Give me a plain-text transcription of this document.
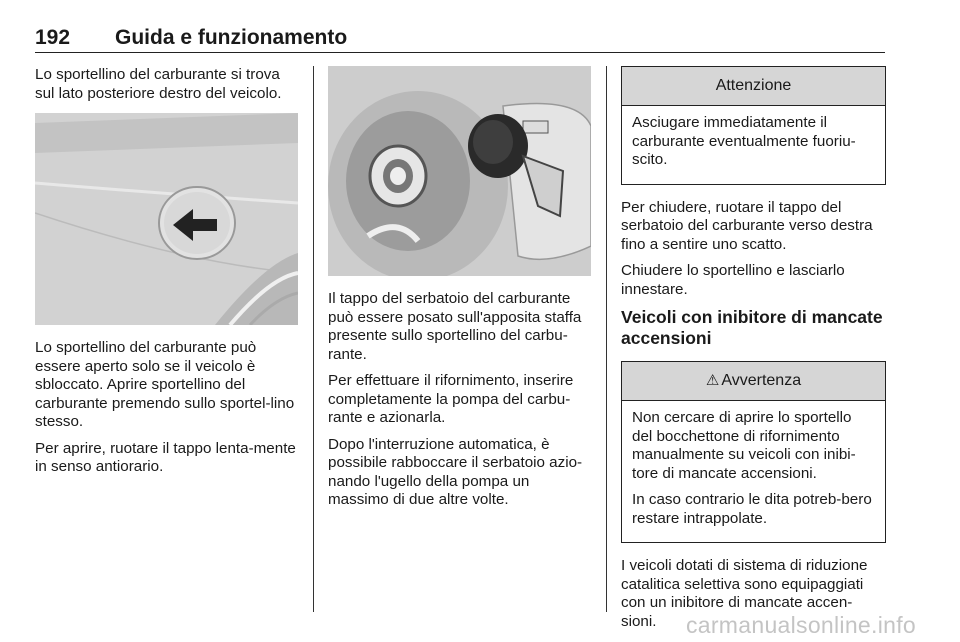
192 Guida e funzionamento

Lo sportellino del carburante si trova sul lato posteriore destro del veicolo.

Lo sportellino del carburante può essere aperto solo se il veicolo è sbloccato. Aprire sportellino del carburante premendo sullo sportel-lino stesso.

Per aprire, ruotare il tappo lenta-mente in senso antiorario.

Il tappo del serbatoio del carburante può essere posato sull'apposita staffa presente sullo sportellino del carbu-rante.

Per effettuare il rifornimento, inserire completamente la pompa del carbu-rante e azionarla.

Dopo l'interruzione automatica, è possibile rabboccare il serbatoio azio-nando l'ugello della pompa un massimo di due altre volte.

Attenzione

Asciugare immediatamente il carburante eventualmente fuoriu-scito.

Per chiudere, ruotare il tappo del serbatoio del carburante verso destra fino a sentire uno scatto.

Chiudere lo sportellino e lasciarlo innestare.

Veicoli con inibitore di mancate accensioni
⚠ Avvertenza

Non cercare di aprire lo sportello del bocchettone di rifornimento manualmente su veicoli con inibi-tore di mancate accensioni.

In caso contrario le dita potreb-bero restare intrappolate.

I veicoli dotati di sistema di riduzione catalitica selettiva sono equipaggiati con un inibitore di mancate accen-sioni.	carmanualsonline.info
